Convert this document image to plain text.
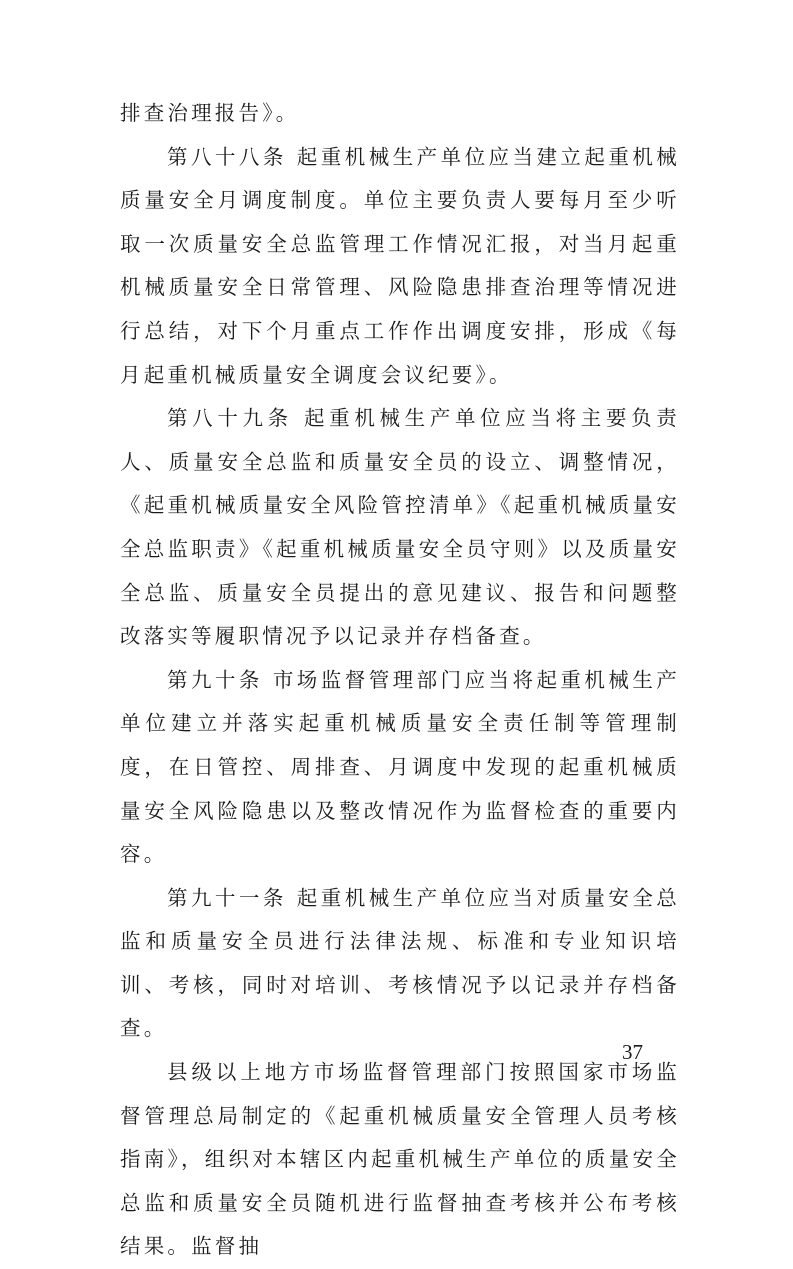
排查治理报告》。

第八十八条 起重机械生产单位应当建立起重机械质量安全月调度制度。单位主要负责人要每月至少听取一次质量安全总监管理工作情况汇报，对当月起重机械质量安全日常管理、风险隐患排查治理等情况进行总结，对下个月重点工作作出调度安排，形成《每月起重机械质量安全调度会议纪要》。

第八十九条 起重机械生产单位应当将主要负责人、质量安全总监和质量安全员的设立、调整情况，《起重机械质量安全风险管控清单》《起重机械质量安全总监职责》《起重机械质量安全员守则》以及质量安全总监、质量安全员提出的意见建议、报告和问题整改落实等履职情况予以记录并存档备查。

第九十条 市场监督管理部门应当将起重机械生产单位建立并落实起重机械质量安全责任制等管理制度，在日管控、周排查、月调度中发现的起重机械质量安全风险隐患以及整改情况作为监督检查的重要内容。

第九十一条 起重机械生产单位应当对质量安全总监和质量安全员进行法律法规、标准和专业知识培训、考核，同时对培训、考核情况予以记录并存档备查。

县级以上地方市场监督管理部门按照国家市场监督管理总局制定的《起重机械质量安全管理人员考核指南》，组织对本辖区内起重机械生产单位的质量安全总监和质量安全员随机进行监督抽查考核并公布考核结果。监督抽

37
